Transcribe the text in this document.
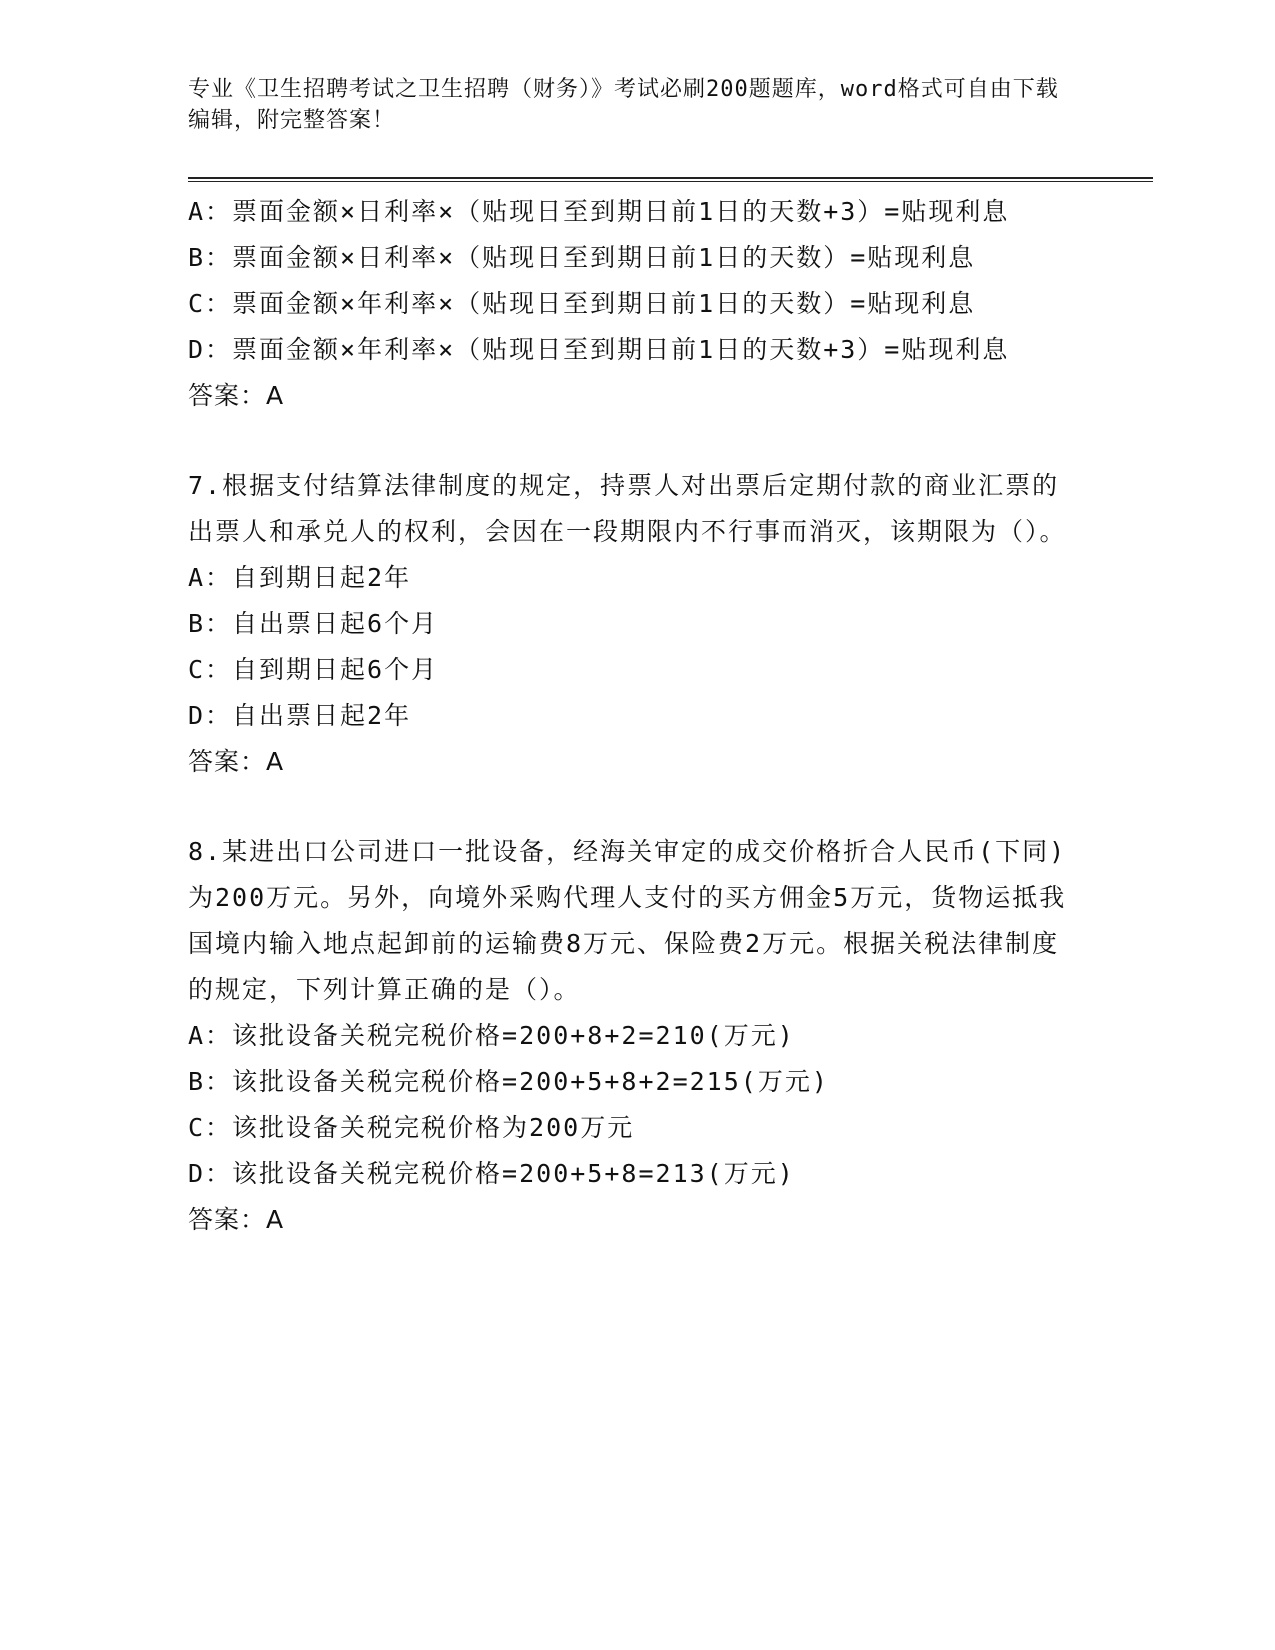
专业《卫生招聘考试之卫生招聘（财务）》考试必刷200题题库，word格式可自由下载编辑，附完整答案！
A：票面金额×日利率×（贴现日至到期日前1日的天数+3）=贴现利息
B：票面金额×日利率×（贴现日至到期日前1日的天数）=贴现利息
C：票面金额×年利率×（贴现日至到期日前1日的天数）=贴现利息
D：票面金额×年利率×（贴现日至到期日前1日的天数+3）=贴现利息
答案：A
7.根据支付结算法律制度的规定，持票人对出票后定期付款的商业汇票的出票人和承兑人的权利，会因在一段期限内不行事而消灭，该期限为（）。
A：自到期日起2年
B：自出票日起6个月
C：自到期日起6个月
D：自出票日起2年
答案：A
8.某进出口公司进口一批设备，经海关审定的成交价格折合人民币(下同)为200万元。另外，向境外采购代理人支付的买方佣金5万元，货物运抵我国境内输入地点起卸前的运输费8万元、保险费2万元。根据关税法律制度的规定，下列计算正确的是（）。
A：该批设备关税完税价格=200+8+2=210(万元)
B：该批设备关税完税价格=200+5+8+2=215(万元)
C：该批设备关税完税价格为200万元
D：该批设备关税完税价格=200+5+8=213(万元)
答案：A
